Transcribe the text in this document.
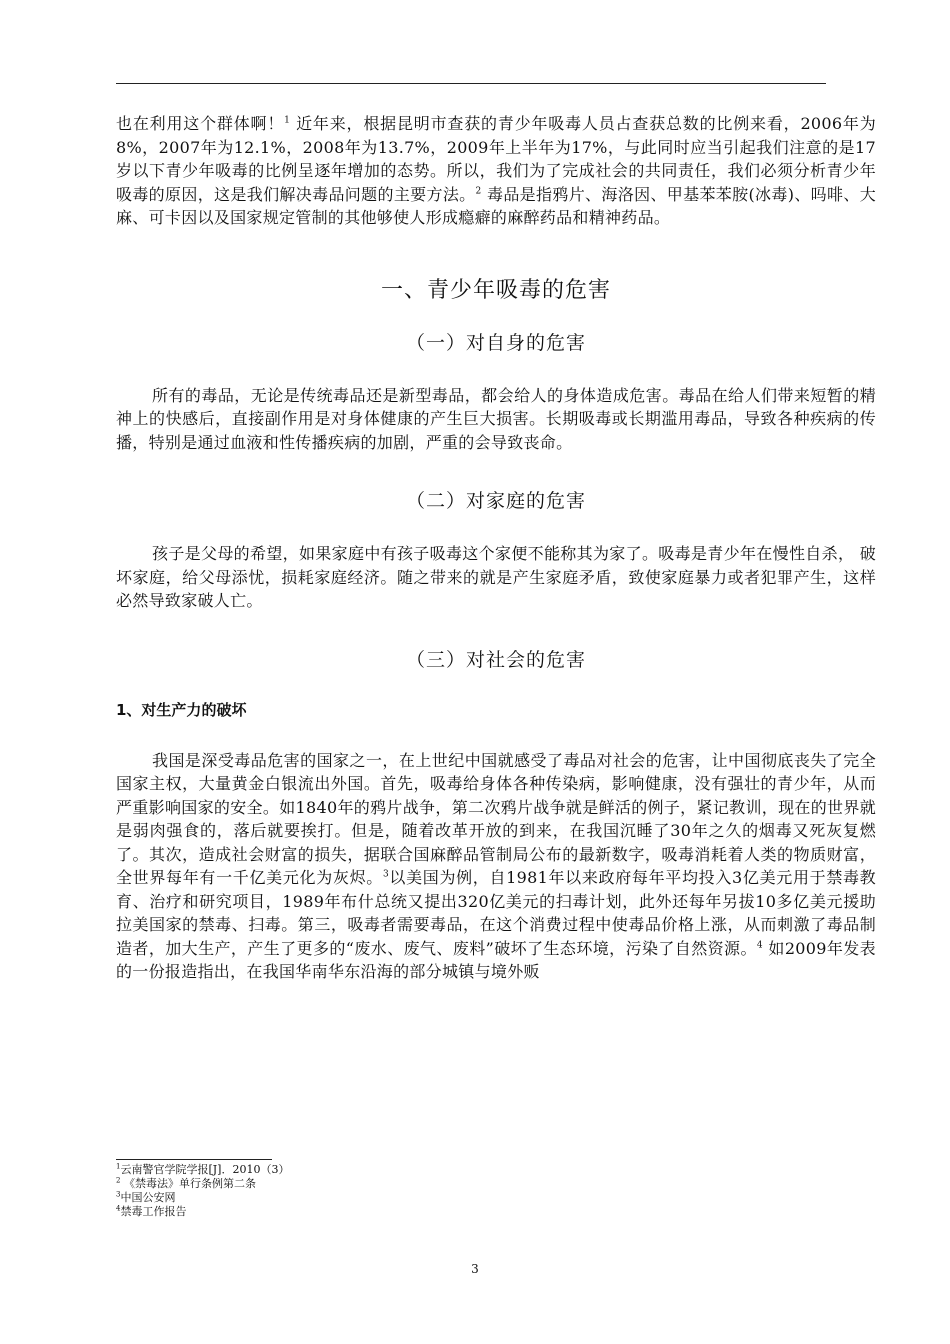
也在利用这个群体啊！$^1$ 近年来，根据昆明市查获的青少年吸毒人员占查获总数的比例来看，2006年为8%，2007年为12.1%，2008年为13.7%，2009年上半年为17%，与此同时应当引起我们注意的是17岁以下青少年吸毒的比例呈逐年增加的态势。所以，我们为了完成社会的共同责任，我们必须分析青少年吸毒的原因，这是我们解决毒品问题的主要方法。$^2$ 毒品是指鸦片、海洛因、甲基苯苯胺(冰毒)、吗啡、大麻、可卡因以及国家规定管制的其他够使人形成瘾癖的麻醉药品和精神药品。

一、青少年吸毒的危害
（一）对自身的危害

所有的毒品，无论是传统毒品还是新型毒品，都会给人的身体造成危害。毒品在给人们带来短暂的精神上的快感后，直接副作用是对身体健康的产生巨大损害。长期吸毒或长期滥用毒品，导致各种疾病的传播，特别是通过血液和性传播疾病的加剧，严重的会导致丧命。

（二）对家庭的危害

孩子是父母的希望，如果家庭中有孩子吸毒这个家便不能称其为家了。吸毒是青少年在慢性自杀， 破坏家庭，给父母添忧，损耗家庭经济。随之带来的就是产生家庭矛盾，致使家庭暴力或者犯罪产生，这样必然导致家破人亡。

（三）对社会的危害
1、对生产力的破坏

我国是深受毒品危害的国家之一，在上世纪中国就感受了毒品对社会的危害，让中国彻底丧失了完全国家主权，大量黄金白银流出外国。首先，吸毒给身体各种传染病，影响健康，没有强壮的青少年，从而严重影响国家的安全。如1840年的鸦片战争，第二次鸦片战争就是鲜活的例子，紧记教训，现在的世界就是弱肉强食的，落后就要挨打。但是，随着改革开放的到来，在我国沉睡了30年之久的烟毒又死灰复燃了。其次，造成社会财富的损失，据联合国麻醉品管制局公布的最新数字，吸毒消耗着人类的物质财富，全世界每年有一千亿美元化为灰烬。$^3$以美国为例，自1981年以来政府每年平均投入3亿美元用于禁毒教育、治疗和研究项目，1989年布什总统又提出320亿美元的扫毒计划，此外还每年另拔10多亿美元援助拉美国家的禁毒、扫毒。第三，吸毒者需要毒品，在这个消费过程中使毒品价格上涨，从而刺激了毒品制造者，加大生产，产生了更多的“废水、废气、废料”破坏了生态环境，污染了自然资源。$^4$ 如2009年发表的一份报造指出，在我国华南华东沿海的部分城镇与境外贩

$^1$云南警官学院学报[J]．2010（3）

$^2$ 《禁毒法》单行条例第二条

$^3$中国公安网

$^4$禁毒工作报告

3
